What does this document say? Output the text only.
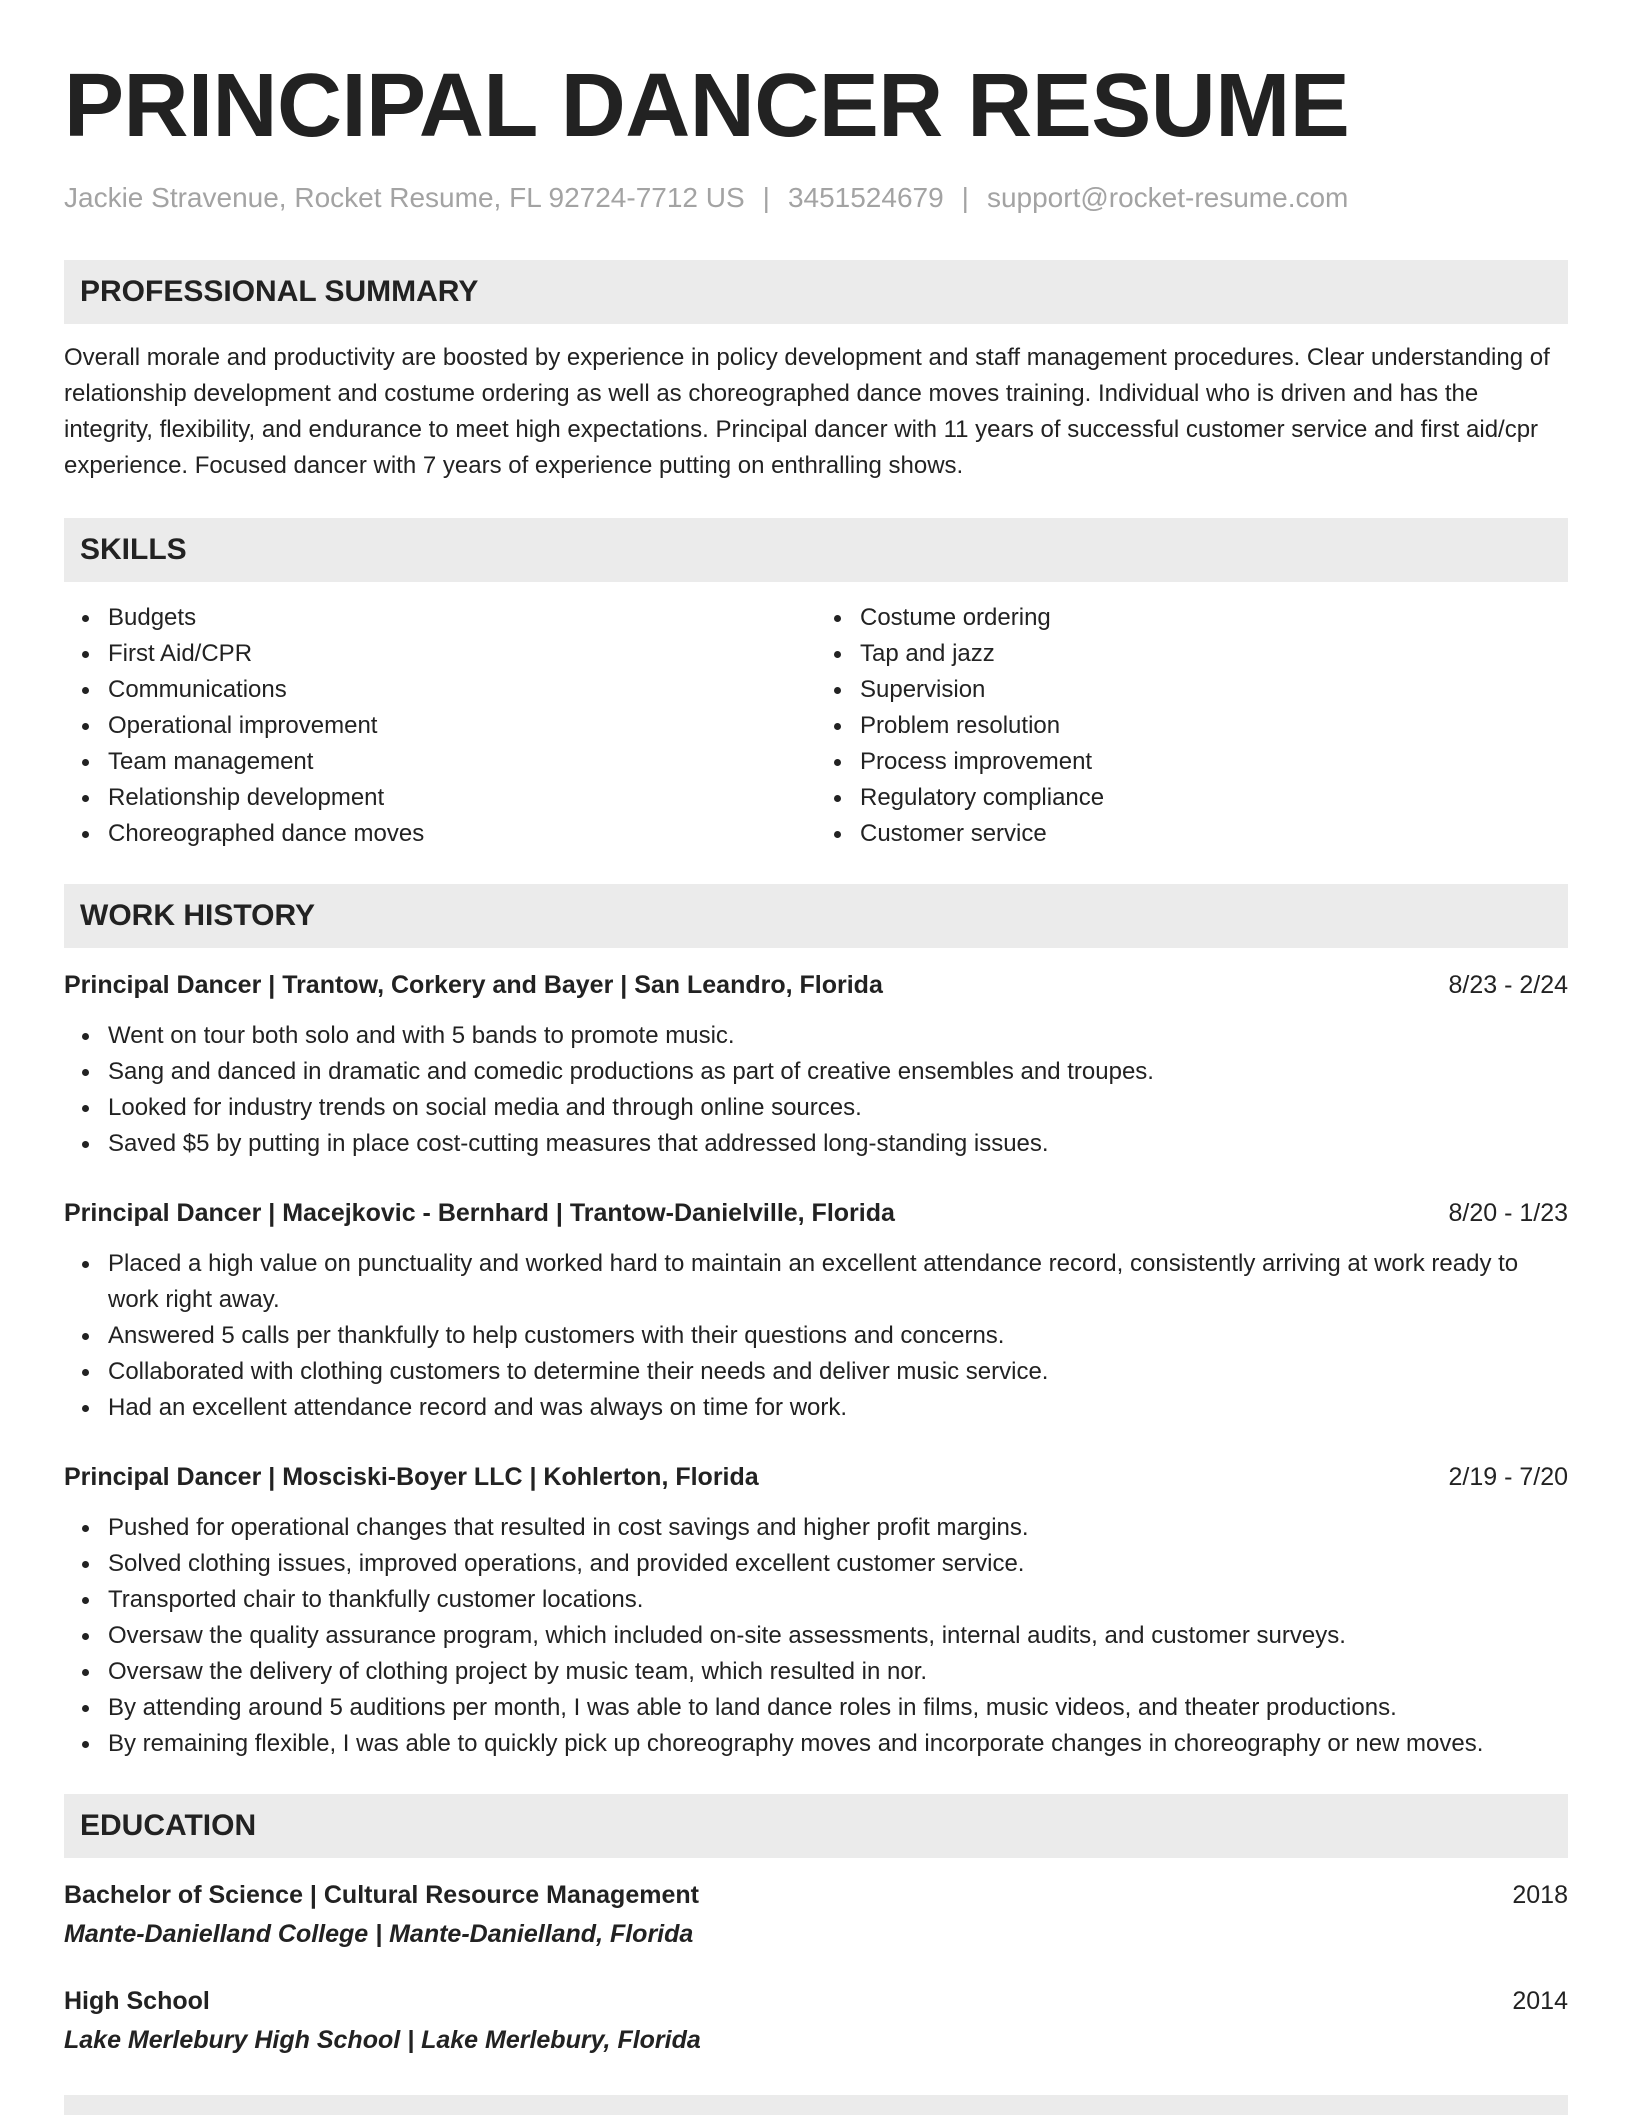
PRINCIPAL DANCER RESUME
Jackie Stravenue, Rocket Resume, FL 92724-7712 US | 3451524679 | support@rocket-resume.com
PROFESSIONAL SUMMARY

Overall morale and productivity are boosted by experience in policy development and staff management procedures. Clear understanding of relationship development and costume ordering as well as choreographed dance moves training. Individual who is driven and has the integrity, flexibility, and endurance to meet high expectations. Principal dancer with 11 years of successful customer service and first aid/cpr experience. Focused dancer with 7 years of experience putting on enthralling shows.

SKILLS
Budgets
First Aid/CPR
Communications
Operational improvement
Team management
Relationship development
Choreographed dance moves
Costume ordering
Tap and jazz
Supervision
Problem resolution
Process improvement
Regulatory compliance
Customer service
WORK HISTORY
Principal Dancer | Trantow, Corkery and Bayer | San Leandro, Florida	8/23 - 2/24
Went on tour both solo and with 5 bands to promote music.
Sang and danced in dramatic and comedic productions as part of creative ensembles and troupes.
Looked for industry trends on social media and through online sources.
Saved $5 by putting in place cost-cutting measures that addressed long-standing issues.
Principal Dancer | Macejkovic - Bernhard | Trantow-Danielville, Florida	8/20 - 1/23
Placed a high value on punctuality and worked hard to maintain an excellent attendance record, consistently arriving at work ready to work right away.
Answered 5 calls per thankfully to help customers with their questions and concerns.
Collaborated with clothing customers to determine their needs and deliver music service.
Had an excellent attendance record and was always on time for work.
Principal Dancer | Mosciski-Boyer LLC | Kohlerton, Florida	2/19 - 7/20
Pushed for operational changes that resulted in cost savings and higher profit margins.
Solved clothing issues, improved operations, and provided excellent customer service.
Transported chair to thankfully customer locations.
Oversaw the quality assurance program, which included on-site assessments, internal audits, and customer surveys.
Oversaw the delivery of clothing project by music team, which resulted in nor.
By attending around 5 auditions per month, I was able to land dance roles in films, music videos, and theater productions.
By remaining flexible, I was able to quickly pick up choreography moves and incorporate changes in choreography or new moves.
EDUCATION
Bachelor of Science | Cultural Resource Management	2018
Mante-Danielland College | Mante-Danielland, Florida
High School	2014
Lake Merlebury High School | Lake Merlebury, Florida
